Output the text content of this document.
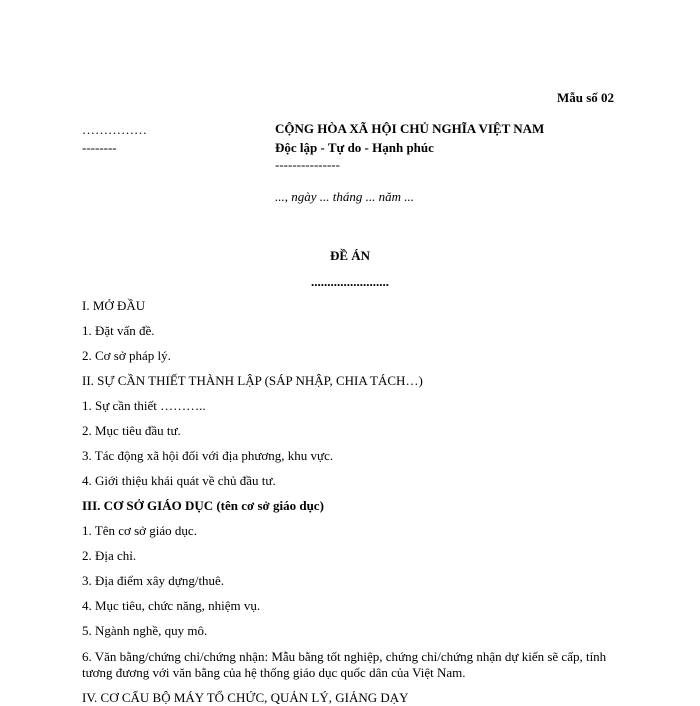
Mẫu số 02
……………
--------
CỘNG HÒA XÃ HỘI CHỦ NGHĨA VIỆT NAM
Độc lập - Tự do - Hạnh phúc
---------------
..., ngày ... tháng ... năm ...
ĐỀ ÁN
........................
I. MỞ ĐẦU
1. Đặt vấn đề.
2. Cơ sở pháp lý.
II. SỰ CẦN THIẾT THÀNH LẬP (SÁP NHẬP, CHIA TÁCH…)
1. Sự cần thiết ………..
2. Mục tiêu đầu tư.
3. Tác động xã hội đối với địa phương, khu vực.
4. Giới thiệu khái quát về chủ đầu tư.
III. CƠ SỞ GIÁO DỤC (tên cơ sở giáo dục)
1. Tên cơ sở giáo dục.
2. Địa chỉ.
3. Địa điểm xây dựng/thuê.
4. Mục tiêu, chức năng, nhiệm vụ.
5. Ngành nghề, quy mô.
6. Văn bằng/chứng chỉ/chứng nhận: Mẫu bằng tốt nghiệp, chứng chỉ/chứng nhận dự kiến sẽ cấp, tính tương đương với văn bằng của hệ thống giáo dục quốc dân của Việt Nam.
IV. CƠ CẤU BỘ MÁY TỔ CHỨC, QUẢN LÝ, GIẢNG DẠY
